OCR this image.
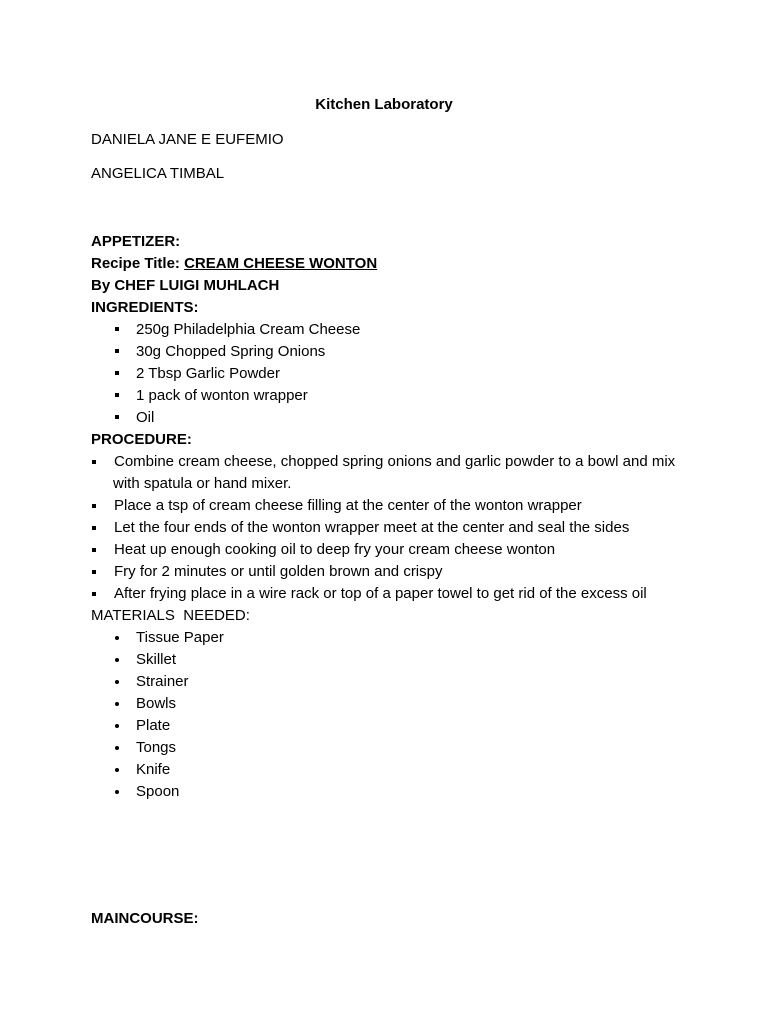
Kitchen Laboratory
DANIELA JANE E EUFEMIO
ANGELICA TIMBAL
APPETIZER:
Recipe Title: CREAM CHEESE WONTON
By CHEF LUIGI MUHLACH
INGREDIENTS:
250g Philadelphia Cream Cheese
30g Chopped Spring Onions
2 Tbsp Garlic Powder
1 pack of wonton wrapper
Oil
PROCEDURE:
Combine cream cheese, chopped spring onions and garlic powder to a bowl and mix with spatula or hand mixer.
Place a tsp of cream cheese filling at the center of the wonton wrapper
Let the four ends of the wonton wrapper meet at the center and seal the sides
Heat up enough cooking oil to deep fry your cream cheese wonton
Fry for 2 minutes or until golden brown and crispy
After frying place in a wire rack or top of a paper towel to get rid of the excess oil
MATERIALS  NEEDED:
Tissue Paper
Skillet
Strainer
Bowls
Plate
Tongs
Knife
Spoon
MAINCOURSE:
